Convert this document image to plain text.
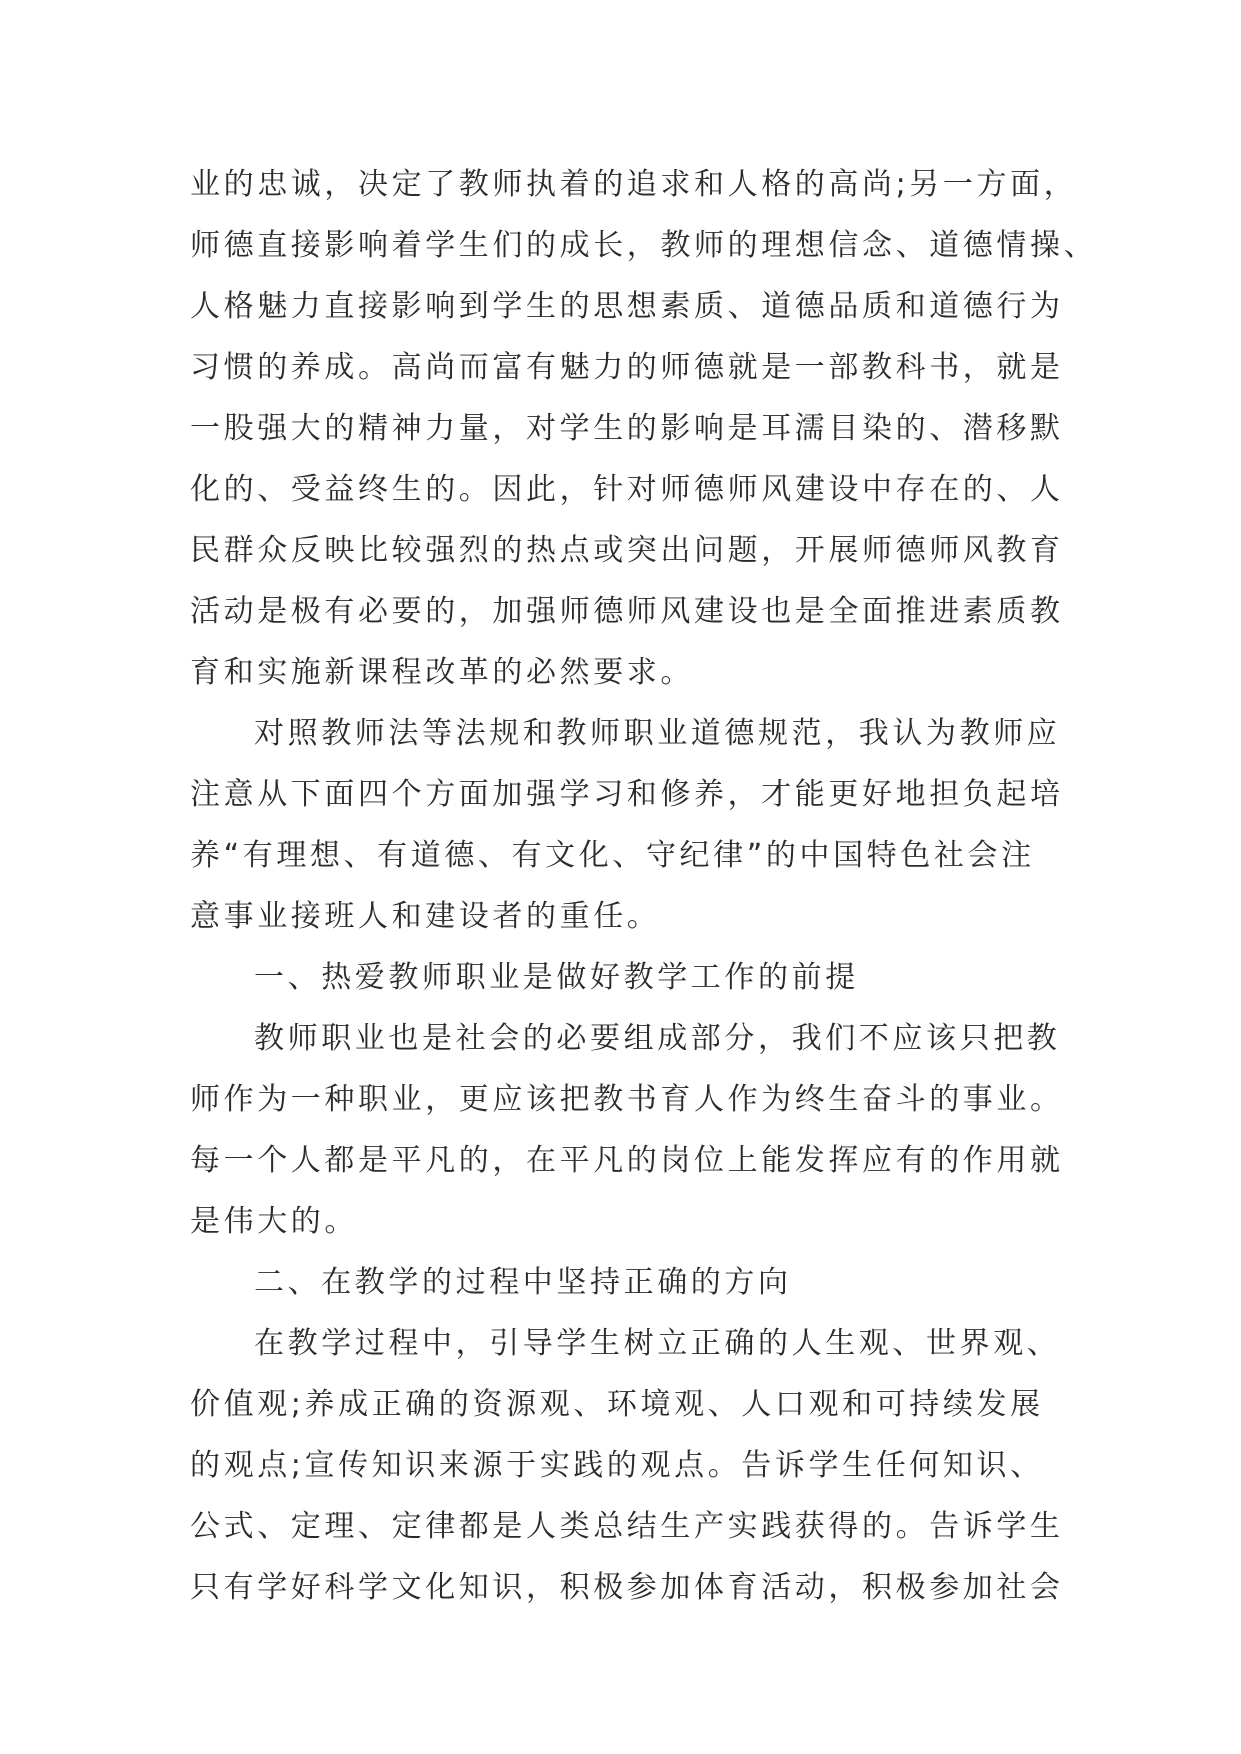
业的忠诚，决定了教师执着的追求和人格的高尚;另一方面，
师德直接影响着学生们的成长，教师的理想信念、道德情操、
人格魅力直接影响到学生的思想素质、道德品质和道德行为
习惯的养成。高尚而富有魅力的师德就是一部教科书，就是
一股强大的精神力量，对学生的影响是耳濡目染的、潜移默
化的、受益终生的。因此，针对师德师风建设中存在的、人
民群众反映比较强烈的热点或突出问题，开展师德师风教育
活动是极有必要的，加强师德师风建设也是全面推进素质教
育和实施新课程改革的必然要求。
对照教师法等法规和教师职业道德规范，我认为教师应
注意从下面四个方面加强学习和修养，才能更好地担负起培
养“有理想、有道德、有文化、守纪律”的中国特色社会注
意事业接班人和建设者的重任。
一、热爱教师职业是做好教学工作的前提
教师职业也是社会的必要组成部分，我们不应该只把教
师作为一种职业，更应该把教书育人作为终生奋斗的事业。
每一个人都是平凡的，在平凡的岗位上能发挥应有的作用就
是伟大的。
二、在教学的过程中坚持正确的方向
在教学过程中，引导学生树立正确的人生观、世界观、
价值观;养成正确的资源观、环境观、人口观和可持续发展
的观点;宣传知识来源于实践的观点。告诉学生任何知识、
公式、定理、定律都是人类总结生产实践获得的。告诉学生
只有学好科学文化知识，积极参加体育活动，积极参加社会
